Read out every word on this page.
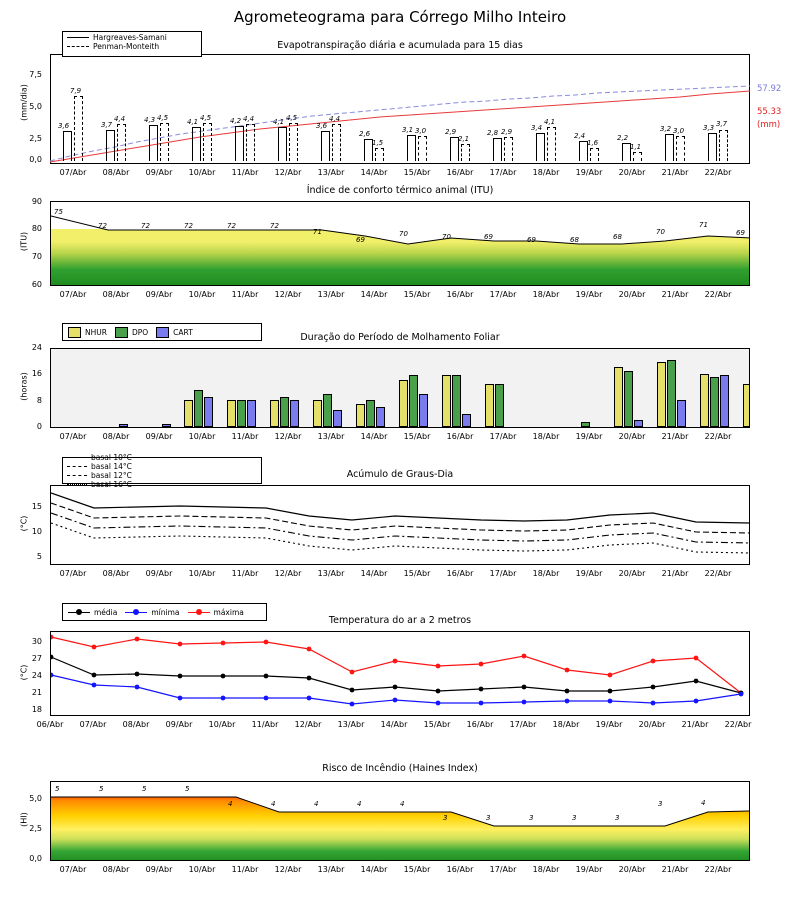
Agrometeograma para Córrego Milho Inteiro
Evapotranspiração diária e acumulada para 15 dias
(mm/dia)
0,0
2,5
5,0
7,5
3,6
7,9
3,7
4,4	4,3 4,5	4,1 4,5	4,2 4,4	4,1 4,5
3,6
4,4
2,6
1,5
3,1 3,0	2,9
2,1
2,8 2,9	3,4
4,1
2,4
1,6
2,2
1,1
3,2 3,0	3,3 3,7
Hargreaves-Samani
Penman-Monteith
57.92
55.33
(mm)
07/Abr	08/Abr	09/Abr	10/Abr	11/Abr	12/Abr	13/Abr	14/Abr	15/Abr	16/Abr	17/Abr	18/Abr	19/Abr	20/Abr	21/Abr	22/Abr
Índice de conforto térmico animal (ITU)
(ITU)
60
70
80
90
75
72	72	72	72	72
71
69
70	70	69	69	68	68
70
71
69
07/Abr	08/Abr	09/Abr	10/Abr	11/Abr	12/Abr	13/Abr	14/Abr	15/Abr	16/Abr	17/Abr	18/Abr	19/Abr	20/Abr	21/Abr	22/Abr
Duração do Período de Molhamento Foliar
(horas)
0
8
16
24
NHUR	DPO	CART
07/Abr	08/Abr	09/Abr	10/Abr	11/Abr	12/Abr	13/Abr	14/Abr	15/Abr	16/Abr	17/Abr	18/Abr	19/Abr	20/Abr	21/Abr	22/Abr
Acúmulo de Graus-Dia
(°C)
5
10
15
basal 10°C
basal 14°C
basal 12°C
basal 16°C
07/Abr	08/Abr	09/Abr	10/Abr	11/Abr	12/Abr	13/Abr	14/Abr	15/Abr	16/Abr	17/Abr	18/Abr	19/Abr	20/Abr	21/Abr	22/Abr
Temperatura do ar a 2 metros
(°C)
18
21
24
27
30
média	mínima	máxima
06/Abr	07/Abr	08/Abr	09/Abr	10/Abr	11/Abr	12/Abr	13/Abr	14/Abr	15/Abr	16/Abr	17/Abr	18/Abr	19/Abr	20/Abr	21/Abr	22/Abr
Risco de Incêndio (Haines Index)
(HI)
0,0
2,5
5,0
5	5	5	5
4	4	4	4	4
3	3	3	3	3
3	4
07/Abr	08/Abr	09/Abr	10/Abr	11/Abr	12/Abr	13/Abr	14/Abr	15/Abr	16/Abr	17/Abr	18/Abr	19/Abr	20/Abr	21/Abr	22/Abr
